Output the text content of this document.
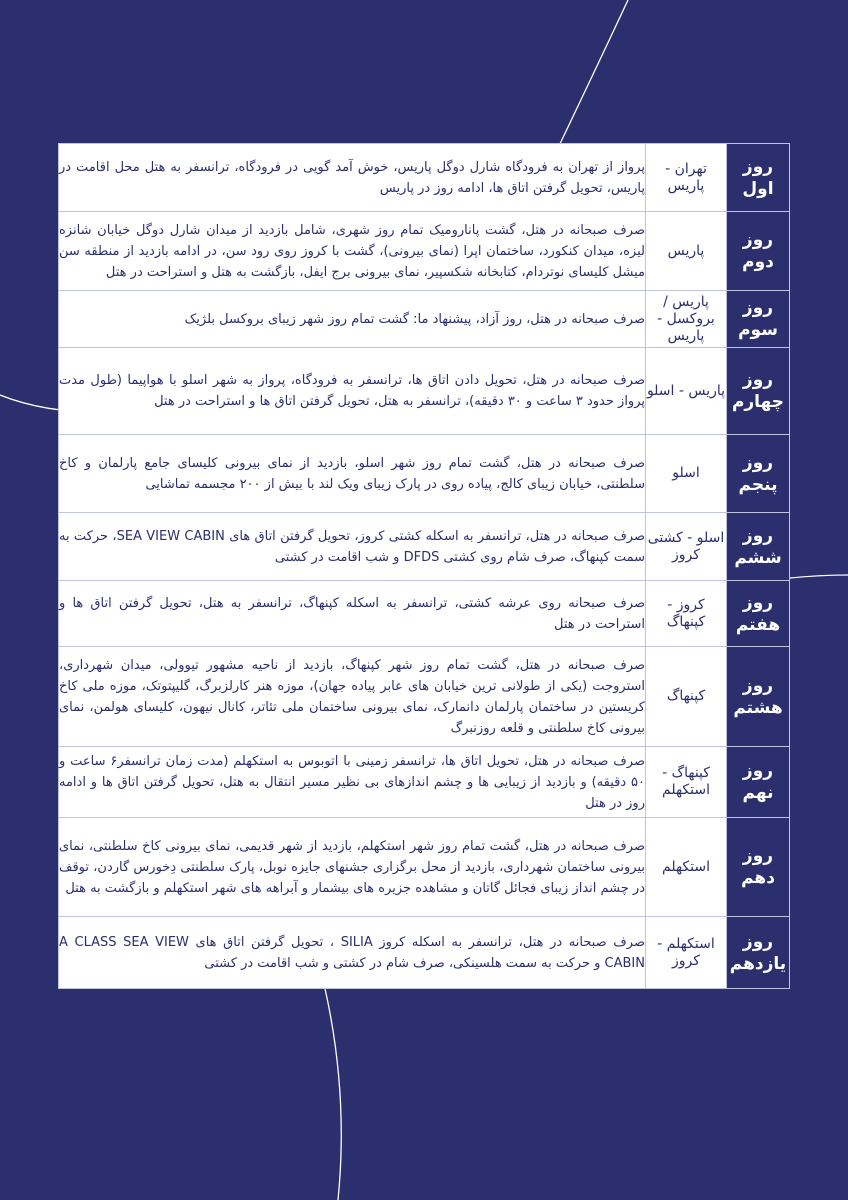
روز اول	تهران - پاریس	پرواز از تهران به فرودگاه شارل دوگل پاریس، خوش آمد گویی در فرودگاه، ترانسفر به هتل محل اقامت در پاریس، تحویل گرفتن اتاق ها، ادامه روز در پاریس
روز دوم	پاریس	صرف صبحانه در هتل، گشت پاناروميک تمام روز شهری، شامل بازدید از میدان شارل دوگل خیابان شانزه لیزه، میدان کنکورد، ساختمان اپرا (نمای بیرونی)، گشت با کروز روی رود سن، در ادامه بازدید از منطقه سن میشل کلیسای نوتردام، کتابخانه شکسپیر، نمای بیرونی برج ایفل، بازگشت به هتل و استراحت در هتل
روز سوم	پاریس / بروکسل - پاریس	صرف صبحانه در هتل، روز آزاد، پیشنهاد ما: گشت تمام روز شهر زیبای بروکسل بلژیک
روز چهارم	پاریس - اسلو	صرف صبحانه در هتل، تحویل دادن اتاق ها، ترانسفر به فرودگاه، پرواز به شهر اسلو با هواپیما (طول مدت پرواز حدود ۳ ساعت و ۳۰ دقیقه)، ترانسفر به هتل، تحویل گرفتن اتاق ها و استراحت در هتل
روز پنجم	اسلو	صرف صبحانه در هتل، گشت تمام روز شهر اسلو، بازدید از نمای بیرونی کلیسای جامع پارلمان و کاخ سلطنتی، خیابان زیبای کالج، پیاده روی در پارک زیبای ویک لند با بیش از ۲۰۰ مجسمه تماشایی
روز ششم	اسلو - کشتی کروز	صرف صبحانه در هتل، ترانسفر به اسکله کشتی کروز، تحویل گرفتن اتاق های SEA VIEW CABIN، حرکت به سمت کپنهاگ، صرف شام روی کشتی DFDS و شب اقامت در کشتی
روز هفتم	کروز - کپنهاگ	صرف صبحانه روی عرشه کشتی، ترانسفر به اسکله کپنهاگ، ترانسفر به هتل، تحویل گرفتن اتاق ها و استراحت در هتل
روز هشتم	کپنهاگ	صرف صبحانه در هتل، گشت تمام روز شهر کپنهاگ، بازدید از ناحیه مشهور تیوولی، میدان شهرداری، استروجت (یکی از طولانی ترین خیابان های عابر پیاده جهان)، موزه هنر کارلزبرگ، گلیپتوتک، موزه ملی کاخ کریستین در ساختمان پارلمان دانمارک، نمای بیرونی ساختمان ملی تئاتر، کانال نیهون، کلیسای هولمن، نمای بیرونی کاخ سلطنتی و قلعه روزنبرگ
روز نهم	کپنهاگ - استکهلم	صرف صبحانه در هتل، تحویل اتاق ها، ترانسفر زمینی با اتوبوس به استکهلم (مدت زمان ترانسفر۶ ساعت و ۵۰ دقیقه) و بازدید از زیبایی ها و چشم اندازهای بی نظیر مسیر انتقال به هتل، تحویل گرفتن اتاق ها و ادامه روز در هتل
روز دهم	استکهلم	صرف صبحانه در هتل، گشت تمام روز شهر استکهلم، بازدید از شهر قدیمی، نمای بیرونی کاخ سلطنتی، نمای بیرونی ساختمان شهرداری، بازدید از محل برگزاری جشنهای جایزه نوبل، پارک سلطنتی دِخورس گاردن، توقف در چشم انداز زیبای فجائل گاتان و مشاهده جزیره های بیشمار و آبراهه های شهر استکهلم و بازگشت به هتل
روز یازدهم	استکهلم - کروز	صرف صبحانه در هتل، ترانسفر به اسکله کروز SILIA ، تحویل گرفتن اتاق های A CLASS SEA VIEW CABIN و حرکت به سمت هلسینکی، صرف شام در کشتی و شب اقامت در کشتی
